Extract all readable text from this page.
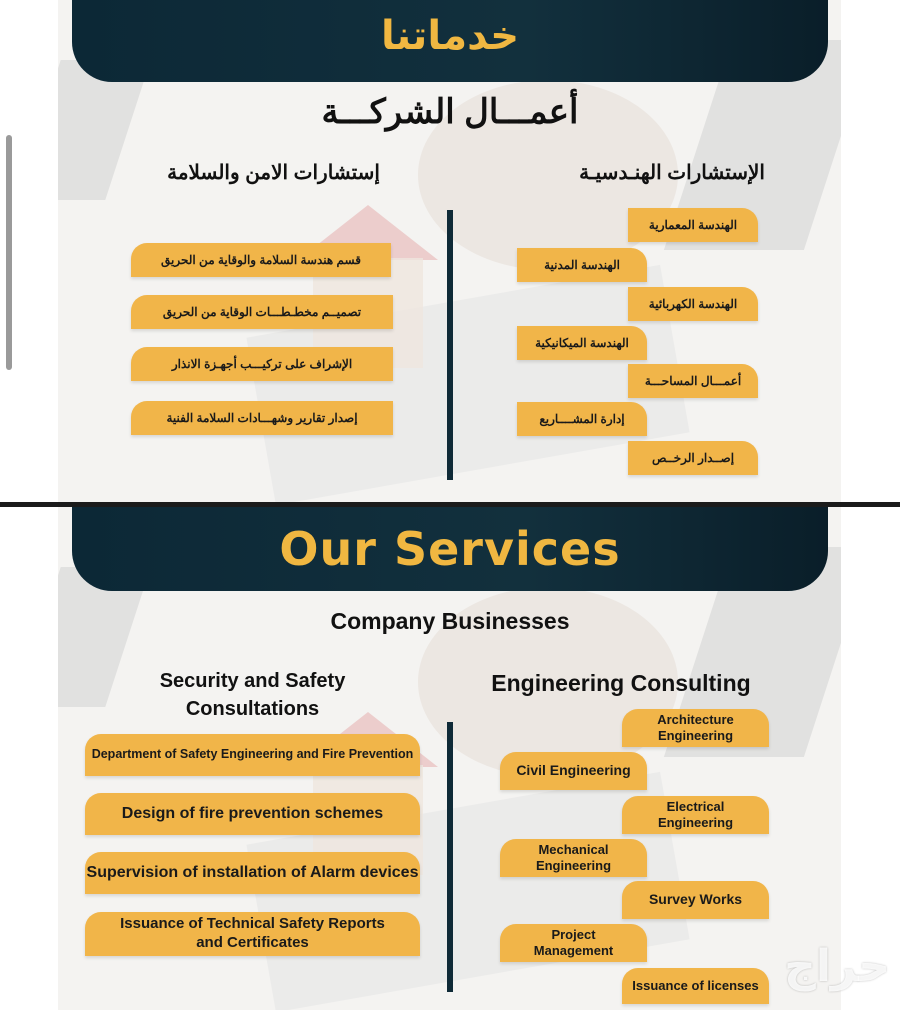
خدماتنا
أعمـــال الشركـــة
الإستشارات الهنـدسيـة
إستشارات الامن والسلامة
قسم هندسة السلامة والوقاية من الحريق
تصميــم مخطـطـــات الوقاية من الحريق
الإشراف على تركيـــب أجهـزة الانذار
إصدار تقارير وشهـــادات السلامة الفنية
الهندسة المعمارية
الهندسة المدنية
الهندسة الكهربائية
الهندسة الميكانيكية
أعمـــال المساحـــة
إدارة المشــــاريع
إصــدار الرخــص
Our Services
Company Businesses
Security and Safety Consultations
Engineering Consulting
Department of Safety Engineering and Fire Prevention
Design of fire prevention schemes
Supervision of installation of Alarm devices
Issuance of Technical Safety Reports and Certificates
Architecture Engineering
Civil Engineering
Electrical Engineering
Mechanical Engineering
Survey Works
Project Management
Issuance of licenses حراج
